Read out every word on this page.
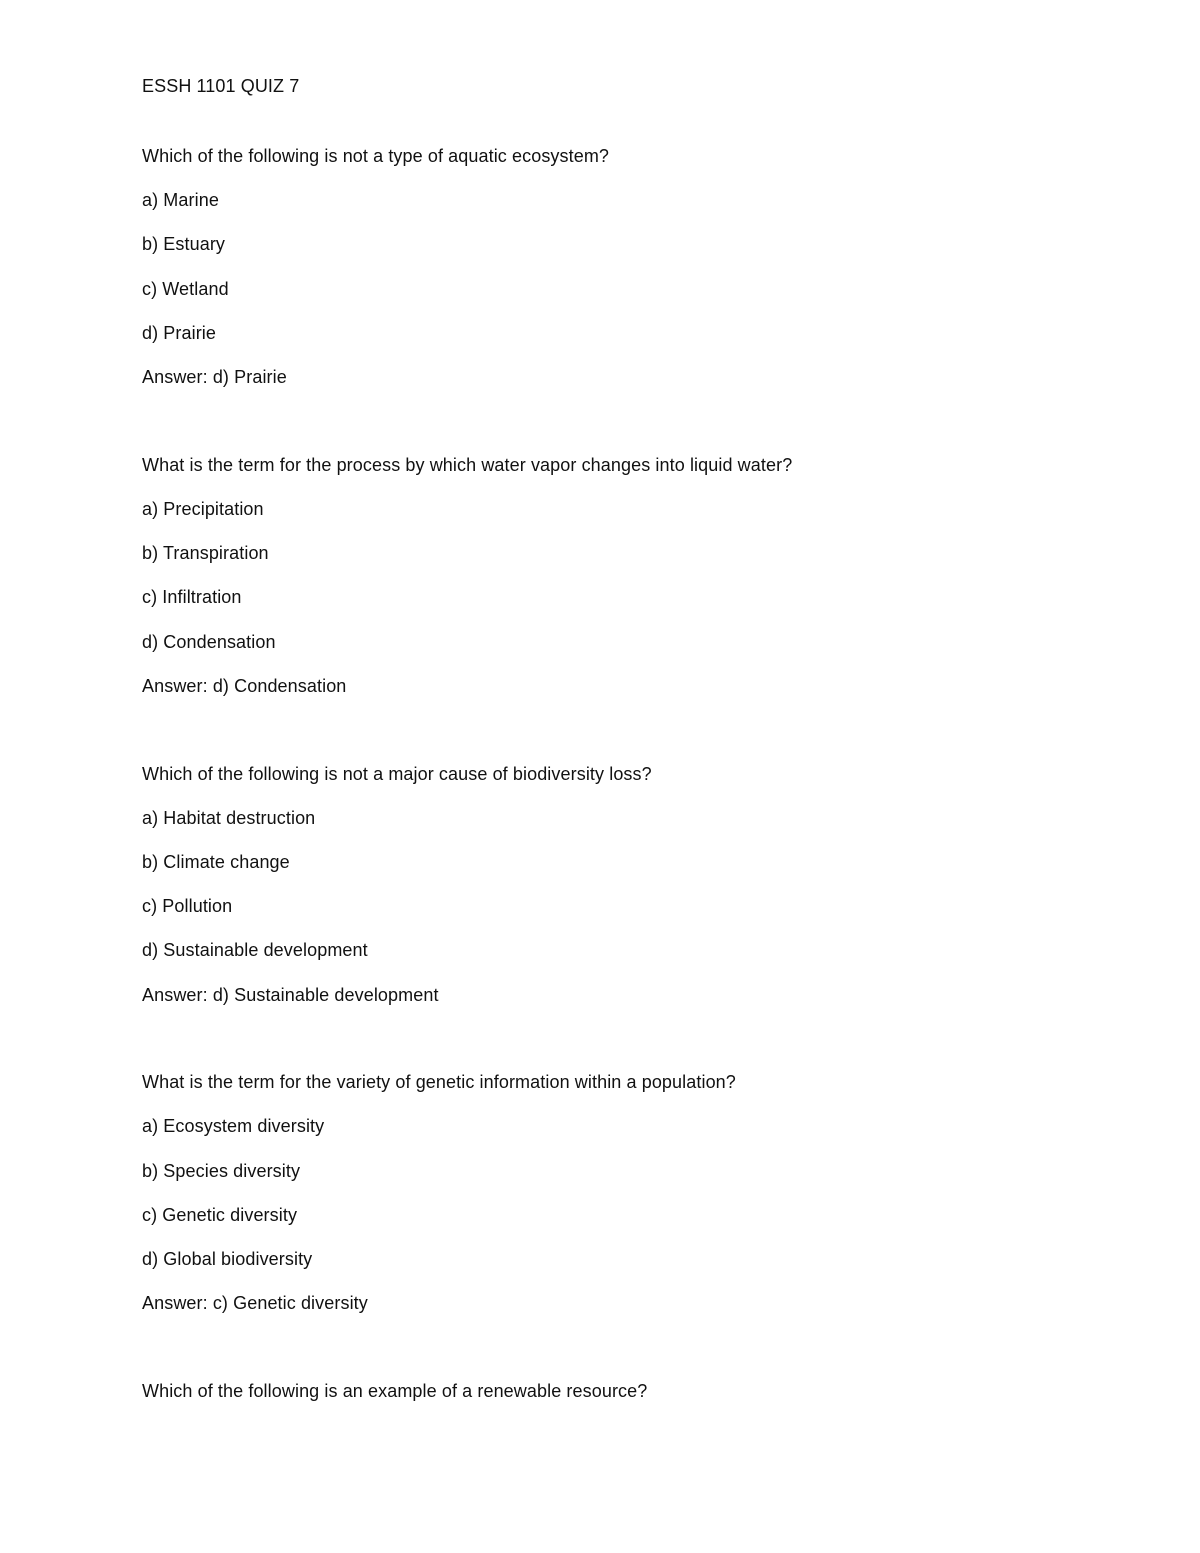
ESSH 1101 QUIZ 7
Which of the following is not a type of aquatic ecosystem?
a) Marine
b) Estuary
c) Wetland
d) Prairie
Answer: d) Prairie
What is the term for the process by which water vapor changes into liquid water?
a) Precipitation
b) Transpiration
c) Infiltration
d) Condensation
Answer: d) Condensation
Which of the following is not a major cause of biodiversity loss?
a) Habitat destruction
b) Climate change
c) Pollution
d) Sustainable development
Answer: d) Sustainable development
What is the term for the variety of genetic information within a population?
a) Ecosystem diversity
b) Species diversity
c) Genetic diversity
d) Global biodiversity
Answer: c) Genetic diversity
Which of the following is an example of a renewable resource?
